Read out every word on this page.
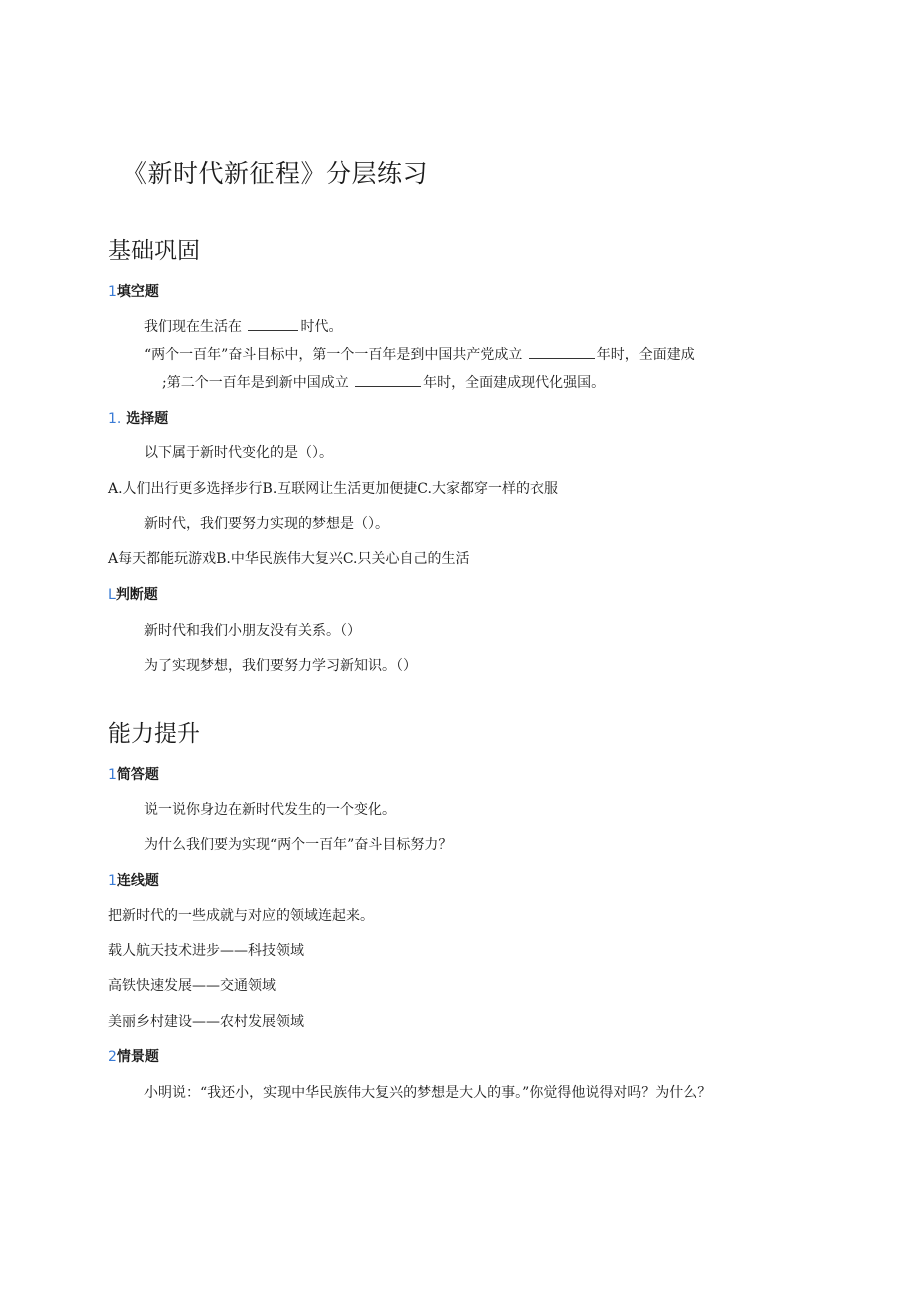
《新时代新征程》分层练习
基础巩固
1填空题
我们现在生活在	时代。
“两个一百年”奋斗目标中，第一个一百年是到中国共产党成立	年时，全面建成
;第二个一百年是到新中国成立	年时，全面建成现代化强国。
1. 选择题
以下属于新时代变化的是（）。
A.人们出行更多选择步行B.互联网让生活更加便捷C.大家都穿一样的衣服
新时代，我们要努力实现的梦想是（）。
A每天都能玩游戏B.中华民族伟大复兴C.只关心自己的生活
L判断题
新时代和我们小朋友没有关系。（）
为了实现梦想，我们要努力学习新知识。（）
能力提升
1简答题
说一说你身边在新时代发生的一个变化。
为什么我们要为实现“两个一百年”奋斗目标努力？
1连线题
把新时代的一些成就与对应的领域连起来。
载人航天技术进步——科技领域
高铁快速发展——交通领域
美丽乡村建设——农村发展领域
2情景题
小明说：“我还小，实现中华民族伟大复兴的梦想是大人的事。”你觉得他说得对吗？为什么？
